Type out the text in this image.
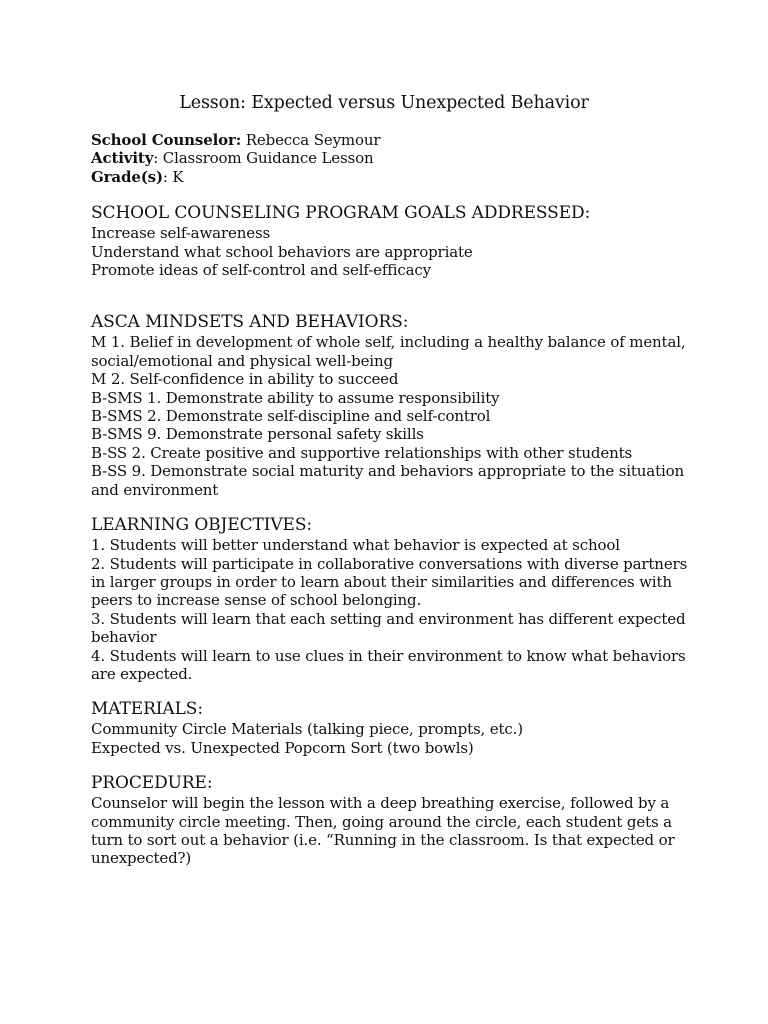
Lesson: Expected versus Unexpected Behavior

School Counselor: Rebecca Seymour

Activity: Classroom Guidance Lesson

Grade(s): K

SCHOOL COUNSELING PROGRAM GOALS ADDRESSED:

Increase self-awareness

Understand what school behaviors are appropriate

Promote ideas of self-control and self-efficacy

ASCA MINDSETS AND BEHAVIORS:

M 1. Belief in development of whole self, including a healthy balance of mental, social/emotional and physical well-being

M 2. Self-confidence in ability to succeed

B-SMS 1. Demonstrate ability to assume responsibility

B-SMS 2. Demonstrate self-discipline and self-control

B-SMS 9. Demonstrate personal safety skills

B-SS 2. Create positive and supportive relationships with other students

B-SS 9. Demonstrate social maturity and behaviors appropriate to the situation and environment

LEARNING OBJECTIVES:

1. Students will better understand what behavior is expected at school

2. Students will participate in collaborative conversations with diverse partners in larger groups in order to learn about their similarities and differences with peers to increase sense of school belonging.

3. Students will learn that each setting and environment has different expected behavior

4. Students will learn to use clues in their environment to know what behaviors are expected.

MATERIALS:

Community Circle Materials (talking piece, prompts, etc.)

Expected vs. Unexpected Popcorn Sort (two bowls)

PROCEDURE:

Counselor will begin the lesson with a deep breathing exercise, followed by a community circle meeting. Then, going around the circle, each student gets a turn to sort out a behavior (i.e. “Running in the classroom. Is that expected or unexpected?)
